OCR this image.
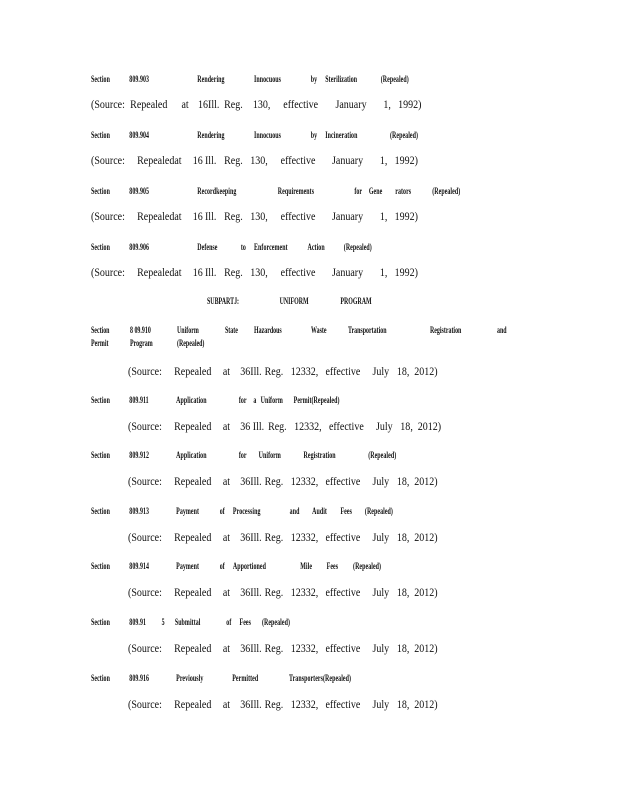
Section 809.903	Rendering	Innocuous	by Sterilization	(Repealed)
(Source: Repealed at 16Ill. Reg. 130, effective January 1, 1992)
Section 809.904	Rendering	Innocuous	by Incineration	(Repealed)
(Source: Repealedat 16 Ill. Reg. 130, effective January 1, 1992)
Section 809.905	Recordkeeping	Requirements	for Gene rators (Repealed)
(Source: Repealedat 16 Ill. Reg. 130, effective January 1, 1992)
Section 809.906	Defense	to Enforcement Action (Repealed)
(Source: Repealedat 16 Ill. Reg. 130, effective January 1, 1992)
SUBPARTJ:	UNIFORM	PROGRAM
Section 8 09.910	Uniform	State Hazardous	Waste Transportation	Registration	and
Permit Program	(Repealed)
(Source: Repealed at 36Ill. Reg. 12332, effective July 18, 2012)
Section 809.911	Application	for a Uniform Permit(Repealed)
(Source: Repealed at 36 Ill. Reg. 12332, effective July 18, 2012)
Section 809.912	Application	for Uniform	Registration	(Repealed)
(Source: Repealed at 36Ill. Reg. 12332, effective July 18, 2012)
Section 809.913	Payment of Processing	and Audit Fees (Repealed)
(Source: Repealed at 36Ill. Reg. 12332, effective July 18, 2012)
Section 809.914	Payment of Apportioned	Mile Fees (Repealed)
(Source: Repealed at 36Ill. Reg. 12332, effective July 18, 2012)
Section 809.91 5 Submittal	of Fees (Repealed)
(Source: Repealed at 36Ill. Reg. 12332, effective July 18, 2012)
Section 809.916	Previously	Permitted	Transporters(Repealed)
(Source: Repealed at 36Ill. Reg. 12332, effective July 18, 2012)
